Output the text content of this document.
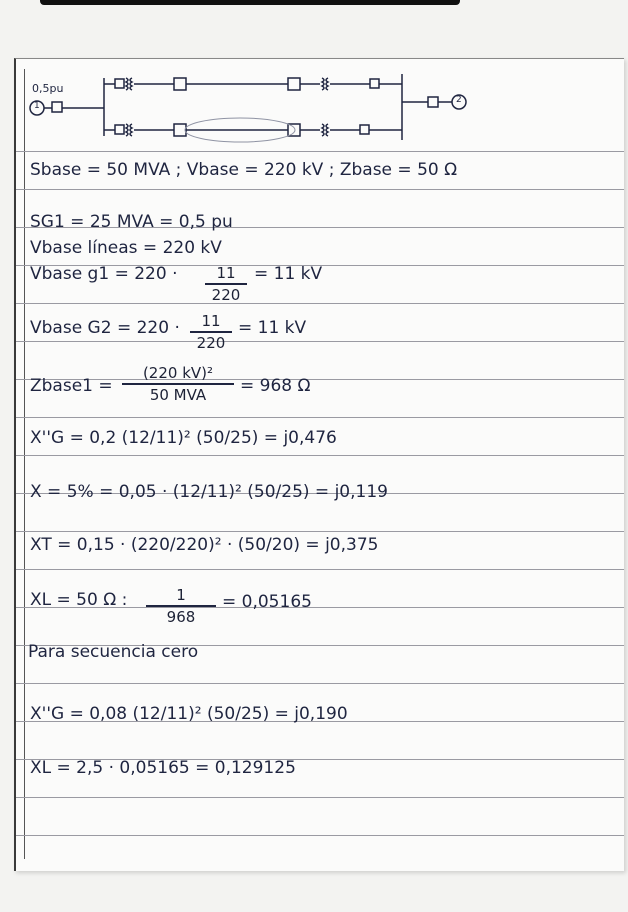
0,5pu
1
2
Sbase = 50 MVA ; Vbase = 220 kV ; Zbase = 50 Ω
SG1 = 25 MVA = 0,5 pu
Vbase líneas = 220 kV
Vbase g1 = 220 ·	11
220
= 11 kV
Vbase G2 = 220 ·	11
220
= 11 kV
Zbase1 =
(220 kV)²
50 MVA	= 968 Ω
X''G = 0,2 (12/11)² (50/25) = j0,476
X = 5% = 0,05 · (12/11)² (50/25) = j0,119
XT = 0,15 · (220/220)² · (50/20) = j0,375
XL = 50 Ω :	1
968
= 0,05165
Para secuencia cero
X''G = 0,08 (12/11)² (50/25) = j0,190
XL = 2,5 · 0,05165 = 0,129125
